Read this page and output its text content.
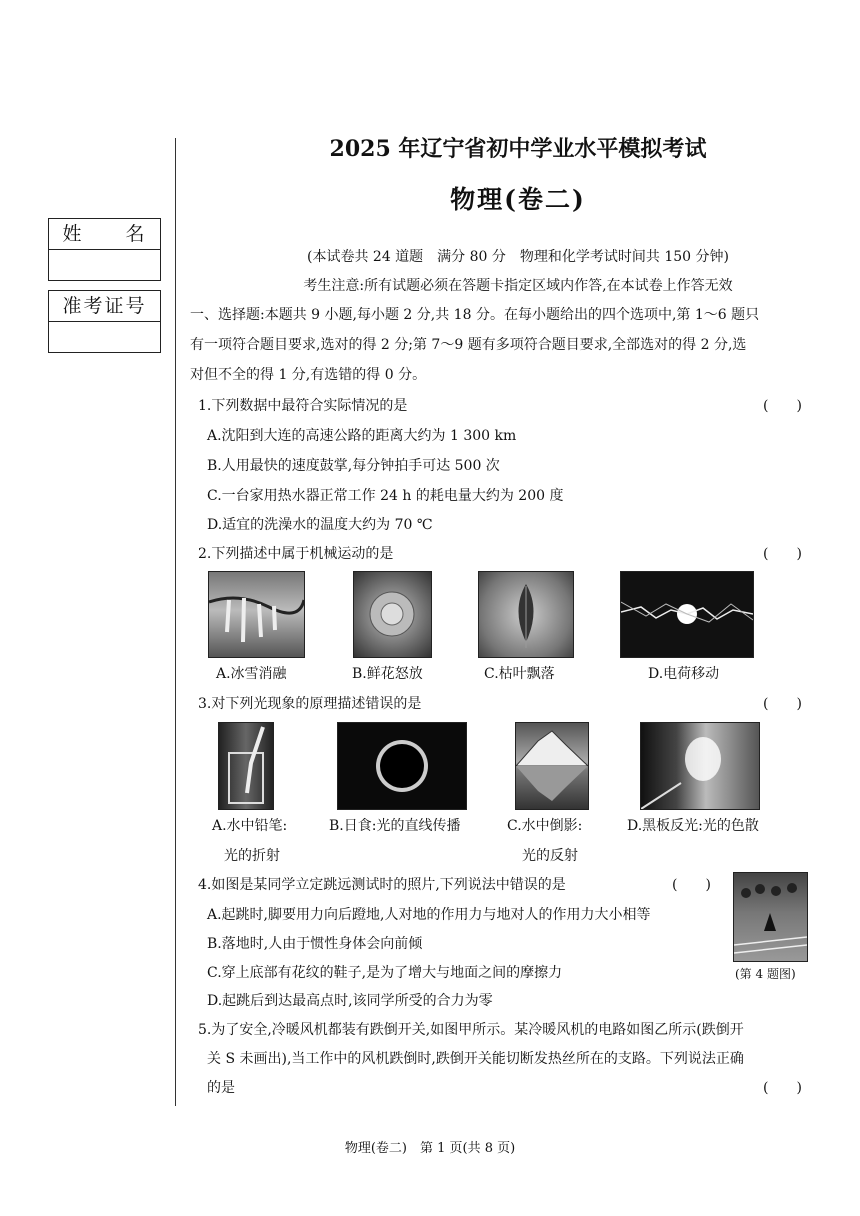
姓　　名
准考证号
2025 年辽宁省初中学业水平模拟考试
物理(卷二)
(本试卷共 24 道题　满分 80 分　物理和化学考试时间共 150 分钟)
考生注意:所有试题必须在答题卡指定区域内作答,在本试卷上作答无效
一、选择题:本题共 9 小题,每小题 2 分,共 18 分。在每小题给出的四个选项中,第 1～6 题只
有一项符合题目要求,选对的得 2 分;第 7～9 题有多项符合题目要求,全部选对的得 2 分,选
对但不全的得 1 分,有选错的得 0 分。
1.下列数据中最符合实际情况的是	(　　)
A.沈阳到大连的高速公路的距离大约为 1 300 km
B.人用最快的速度鼓掌,每分钟拍手可达 500 次
C.一台家用热水器正常工作 24 h 的耗电量大约为 200 度
D.适宜的洗澡水的温度大约为 70 ℃
2.下列描述中属于机械运动的是	(　　)
A.冰雪消融	B.鲜花怒放	C.枯叶飘落	D.电荷移动
3.对下列光现象的原理描述错误的是	(　　)
A.水中铅笔:
光的折射
B.日食:光的直线传播	C.水中倒影:
光的反射
D.黑板反光:光的色散
4.如图是某同学立定跳远测试时的照片,下列说法中错误的是	(　　)
A.起跳时,脚要用力向后蹬地,人对地的作用力与地对人的作用力大小相等
B.落地时,人由于惯性身体会向前倾
C.穿上底部有花纹的鞋子,是为了增大与地面之间的摩擦力
D.起跳后到达最高点时,该同学所受的合力为零
(第 4 题图)
5.为了安全,冷暖风机都装有跌倒开关,如图甲所示。某冷暖风机的电路如图乙所示(跌倒开
关 S 未画出),当工作中的风机跌倒时,跌倒开关能切断发热丝所在的支路。下列说法正确
的是	(　　)
物理(卷二)　第 1 页(共 8 页)
